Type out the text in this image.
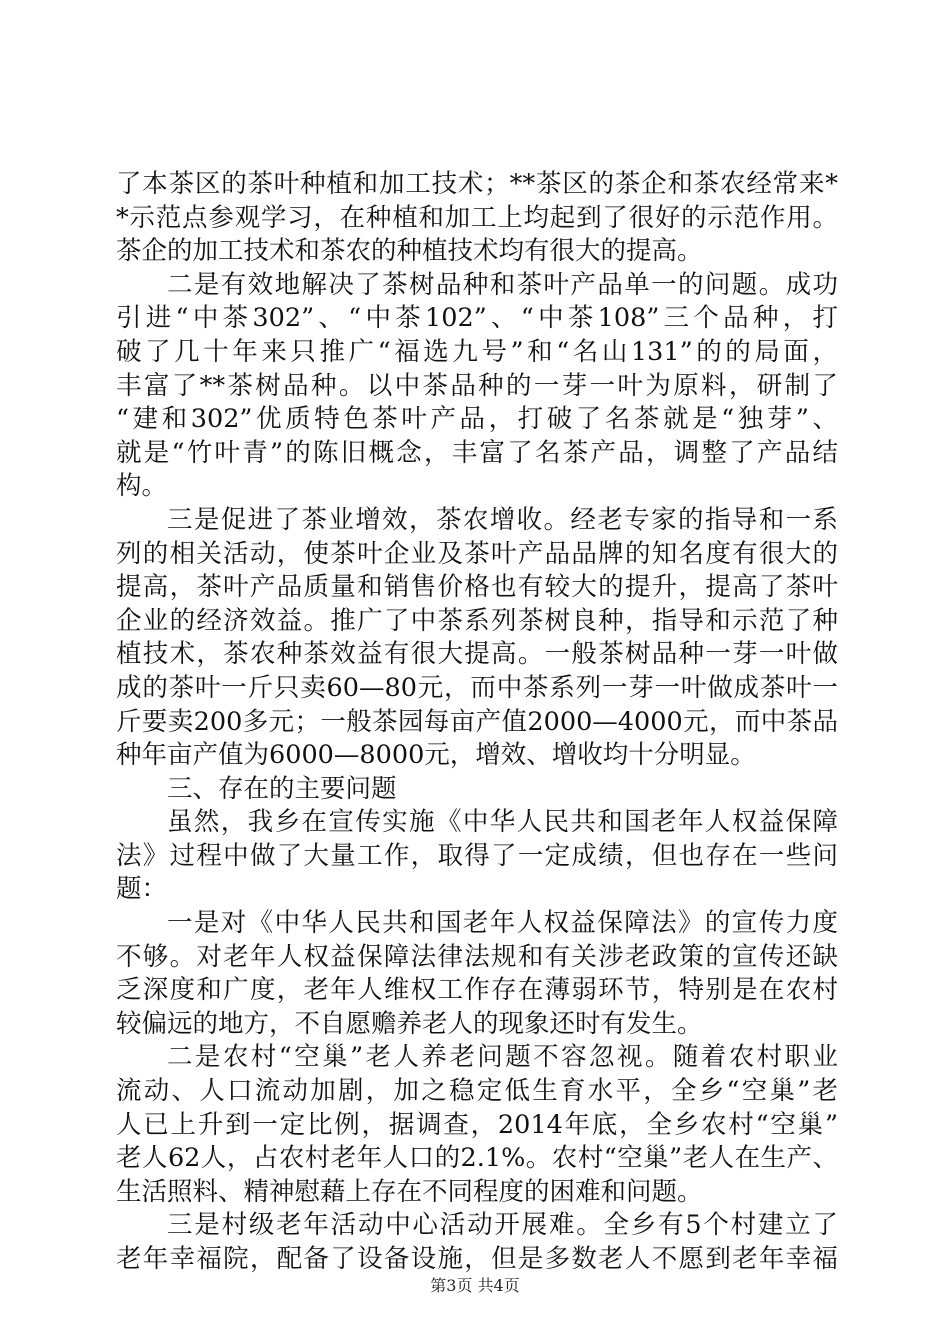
了本茶区的茶叶种植和加工技术；**茶区的茶企和茶农经常来*
*示范点参观学习，在种植和加工上均起到了很好的示范作用。
茶企的加工技术和茶农的种植技术均有很大的提高。
二是有效地解决了茶树品种和茶叶产品单一的问题。成功
引进“中茶302”、“中茶102”、“中茶108”三个品种，打
破了几十年来只推广“福选九号”和“名山131”的的局面，
丰富了**茶树品种。以中茶品种的一芽一叶为原料，研制了
“建和302”优质特色茶叶产品，打破了名茶就是“独芽”、
就是“竹叶青”的陈旧概念，丰富了名茶产品，调整了产品结
构。
三是促进了茶业增效，茶农增收。经老专家的指导和一系
列的相关活动，使茶叶企业及茶叶产品品牌的知名度有很大的
提高，茶叶产品质量和销售价格也有较大的提升，提高了茶叶
企业的经济效益。推广了中茶系列茶树良种，指导和示范了种
植技术，茶农种茶效益有很大提高。一般茶树品种一芽一叶做
成的茶叶一斤只卖60—80元，而中茶系列一芽一叶做成茶叶一
斤要卖200多元；一般茶园每亩产值2000—4000元，而中茶品
种年亩产值为6000—8000元，增效、增收均十分明显。
三、存在的主要问题
虽然，我乡在宣传实施《中华人民共和国老年人权益保障
法》过程中做了大量工作，取得了一定成绩，但也存在一些问
题：
一是对《中华人民共和国老年人权益保障法》的宣传力度
不够。对老年人权益保障法律法规和有关涉老政策的宣传还缺
乏深度和广度，老年人维权工作存在薄弱环节，特别是在农村
较偏远的地方，不自愿赡养老人的现象还时有发生。
二是农村“空巢”老人养老问题不容忽视。随着农村职业
流动、人口流动加剧，加之稳定低生育水平，全乡“空巢”老
人已上升到一定比例，据调查，2014年底，全乡农村“空巢”
老人62人，占农村老年人口的2.1%。农村“空巢”老人在生产、
生活照料、精神慰藉上存在不同程度的困难和问题。
三是村级老年活动中心活动开展难。全乡有5个村建立了
老年幸福院，配备了设备设施，但是多数老人不愿到老年幸福
第3页 共4页
